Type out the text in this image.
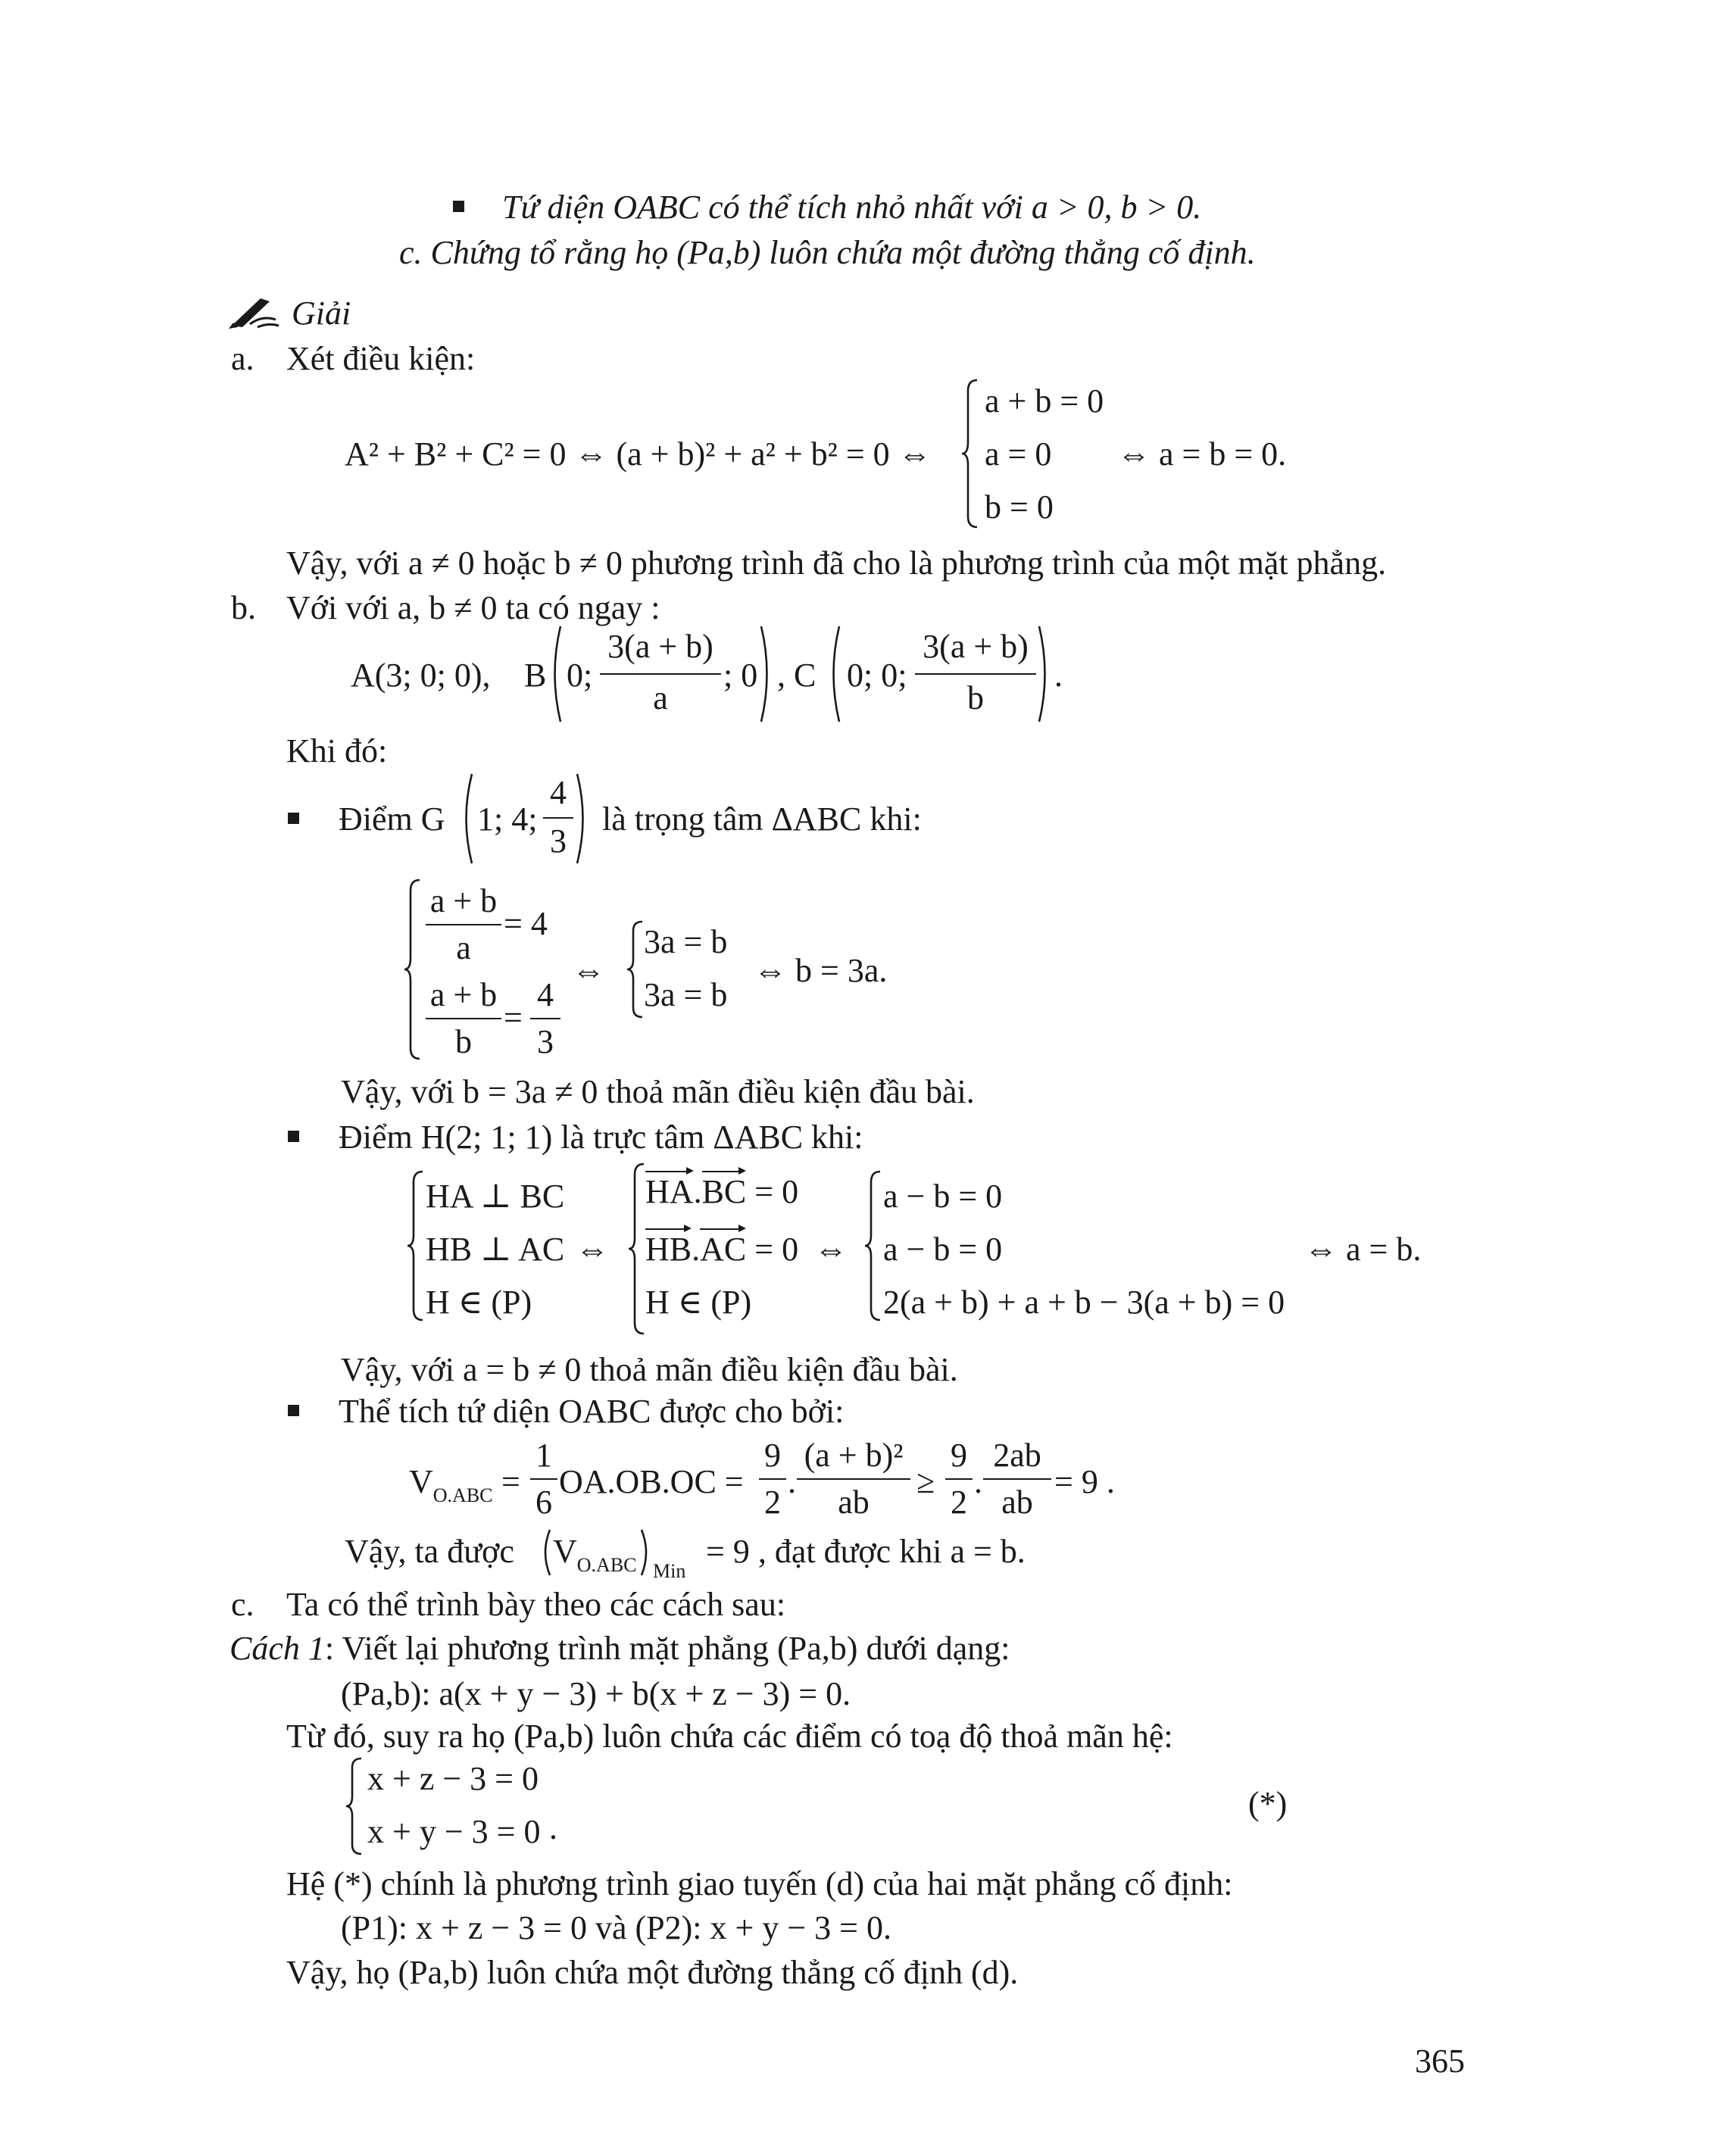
Tứ diện OABC có thể tích nhỏ nhất với a > 0, b > 0.
c. Chứng tổ rằng họ (Pa,b) luôn chứa một đường thẳng cố định.
Giải
a. Xét điều kiện:
A² + B² + C² = 0 ⇔ (a + b)² + a² + b² = 0 ⇔
a + b = 0
a = 0
b = 0
⇔ a = b = 0.
Vậy, với a ≠ 0 hoặc b ≠ 0 phương trình đã cho là phương trình của một mặt phẳng.
b. Với với a, b ≠ 0 ta có ngay :
A(3; 0; 0), B 0;
3(a + b)
a
; 0 , C 0; 0;
3(a + b)
b
.
Khi đó:
Điểm G 1; 4;
4
3
là trọng tâm ΔABC khi:
a + b
a
= 4
a + b
b
=
4
3
⇔
3a = b
3a = b
⇔ b = 3a.
Vậy, với b = 3a ≠ 0 thoả mãn điều kiện đầu bài.
Điểm H(2; 1; 1) là trực tâm ΔABC khi:
HA ⊥ BC
HB ⊥ AC
H ∈ (P)
⇔
HA.BC = 0
HB.AC = 0
H ∈ (P)
⇔
a − b = 0
a − b = 0
2(a + b) + a + b − 3(a + b) = 0
⇔ a = b.
Vậy, với a = b ≠ 0 thoả mãn điều kiện đầu bài.
Thể tích tứ diện OABC được cho bởi:
$V_{O.ABC}$ =
1
6
OA.OB.OC =
9
2
.
(a + b)²
ab
≥
9
2
.
2ab
ab
= 9 .
Vậy, ta được $V_{O.ABC}$ Min
= 9 , đạt được khi a = b.
c. Ta có thể trình bày theo các cách sau:
Cách 1: Viết lại phương trình mặt phẳng (Pa,b) dưới dạng:
(Pa,b): a(x + y − 3) + b(x + z − 3) = 0.
Từ đó, suy ra họ (Pa,b) luôn chứa các điểm có toạ độ thoả mãn hệ:
x + z − 3 = 0
x + y − 3 = 0 .
(*)
Hệ (*) chính là phương trình giao tuyến (d) của hai mặt phẳng cố định:
(P1): x + z − 3 = 0 và (P2): x + y − 3 = 0.
Vậy, họ (Pa,b) luôn chứa một đường thẳng cố định (d).
365
